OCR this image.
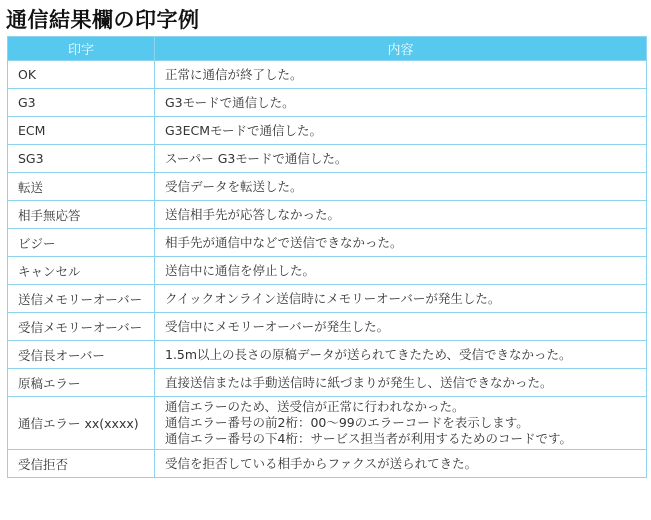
通信結果欄の印字例
印字	内容
OK	正常に通信が終了した。

G3	G3モードで通信した。

ECM	G3ECMモードで通信した。

SG3	スーパー G3モードで通信した。

転送	受信データを転送した。

相手無応答	送信相手先が応答しなかった。

ビジー	相手先が通信中などで送信できなかった。

キャンセル	送信中に通信を停止した。

送信メモリーオーバー	クイックオンライン送信時にメモリーオーバーが発生した。

受信メモリーオーバー	受信中にメモリーオーバーが発生した。

受信長オーバー	1.5m以上の長さの原稿データが送られてきたため、受信できなかった。

原稿エラー	直接送信または手動送信時に紙づまりが発生し、送信できなかった。

通信エラー xx(xxxx)	通信エラーのため、送受信が正常に行われなかった。
通信エラー番号の前2桁：00～99のエラーコードを表示します。
通信エラー番号の下4桁：サービス担当者が利用するためのコードです。

受信拒否	受信を拒否している相手からファクスが送られてきた。
